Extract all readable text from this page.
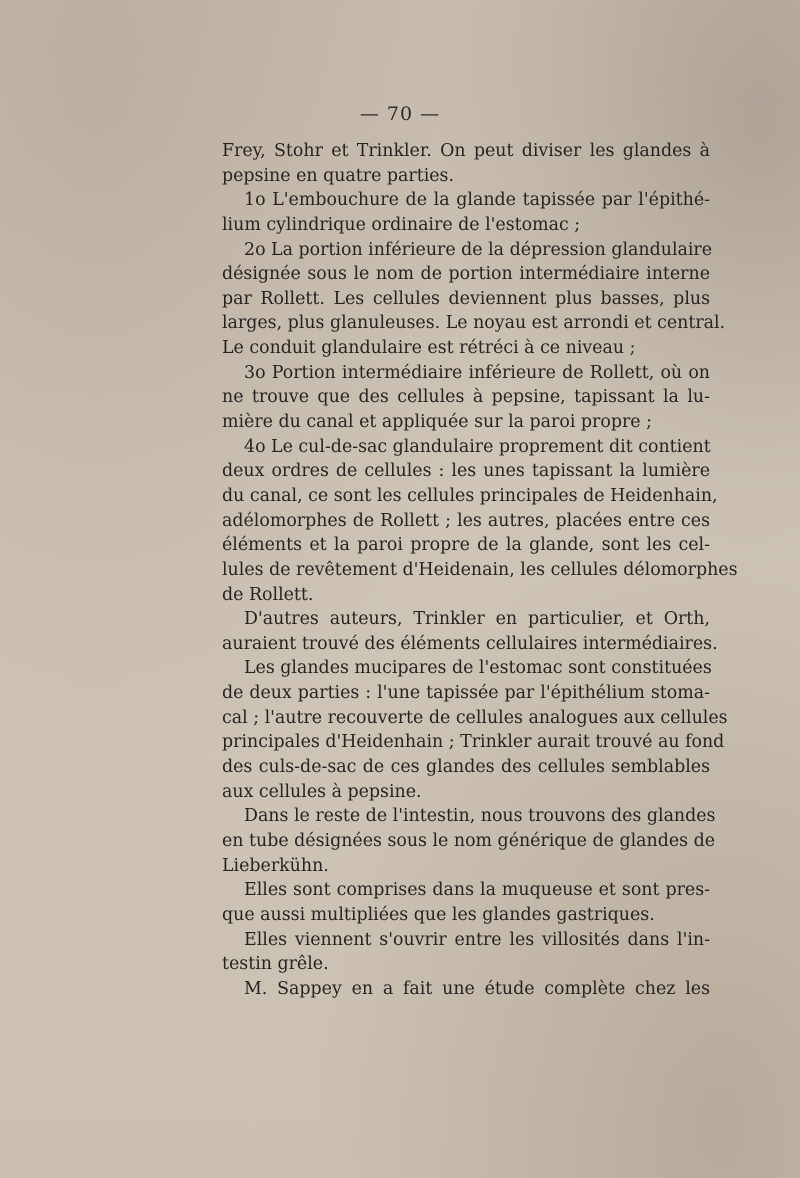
— 70 —
Frey, Stohr et Trinkler. On peut diviser les glandes à
pepsine en quatre parties.
1o L'embouchure de la glande tapissée par l'épithé-
lium cylindrique ordinaire de l'estomac ;
2o La portion inférieure de la dépression glandulaire
désignée sous le nom de portion intermédiaire interne
par Rollett. Les cellules deviennent plus basses, plus
larges, plus glanuleuses. Le noyau est arrondi et central.
Le conduit glandulaire est rétréci à ce niveau ;
3o Portion intermédiaire inférieure de Rollett, où on
ne trouve que des cellules à pepsine, tapissant la lu-
mière du canal et appliquée sur la paroi propre ;
4o Le cul-de-sac glandulaire proprement dit contient
deux ordres de cellules : les unes tapissant la lumière
du canal, ce sont les cellules principales de Heidenhain,
adélomorphes de Rollett ; les autres, placées entre ces
éléments et la paroi propre de la glande, sont les cel-
lules de revêtement d'Heidenain, les cellules délomorphes
de Rollett.
D'autres auteurs, Trinkler en particulier, et Orth,
auraient trouvé des éléments cellulaires intermédiaires.
Les glandes mucipares de l'estomac sont constituées
de deux parties : l'une tapissée par l'épithélium stoma-
cal ; l'autre recouverte de cellules analogues aux cellules
principales d'Heidenhain ; Trinkler aurait trouvé au fond
des culs-de-sac de ces glandes des cellules semblables
aux cellules à pepsine.
Dans le reste de l'intestin, nous trouvons des glandes
en tube désignées sous le nom générique de glandes de
Lieberkühn.
Elles sont comprises dans la muqueuse et sont pres-
que aussi multipliées que les glandes gastriques.
Elles viennent s'ouvrir entre les villosités dans l'in-
testin grêle.
M. Sappey en a fait une étude complète chez les
